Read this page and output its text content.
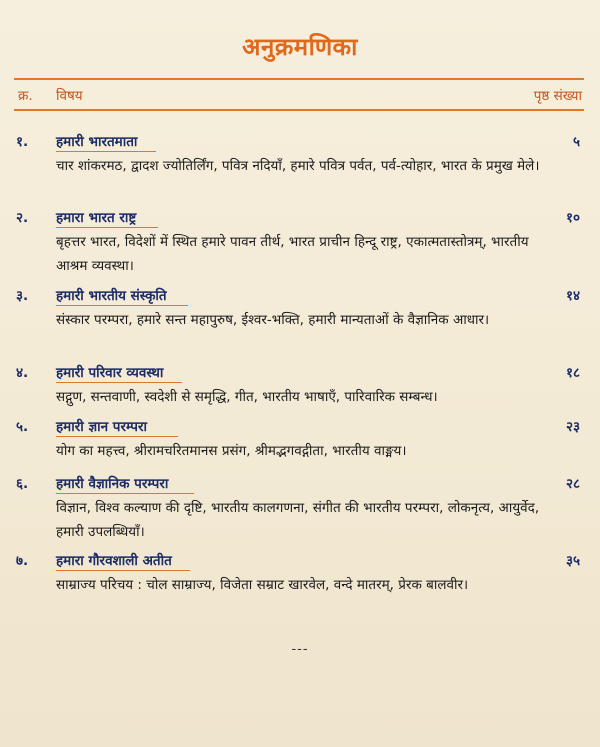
अनुक्रमणिका
क्र. विषय	पृष्ठ संख्या
१. हमारी भारतमाता	५
चार शांकरमठ, द्वादश ज्योतिर्लिंग, पवित्र नदियाँ, हमारे पवित्र पर्वत, पर्व-त्योहार, भारत के प्रमुख मेले।
२. हमारा भारत राष्ट्र	१०
बृहत्तर भारत, विदेशों में स्थित हमारे पावन तीर्थ, भारत प्राचीन हिन्दू राष्ट्र, एकात्मतास्तोत्रम्, भारतीय आश्रम व्यवस्था।
३. हमारी भारतीय संस्कृति	१४
संस्कार परम्परा, हमारे सन्त महापुरुष, ईश्वर-भक्ति, हमारी मान्यताओं के वैज्ञानिक आधार।
४. हमारी परिवार व्यवस्था	१८
सद्गुण, सन्तवाणी, स्वदेशी से समृद्धि, गीत, भारतीय भाषाएँ, पारिवारिक सम्बन्ध।
५. हमारी ज्ञान परम्परा	२३
योग का महत्त्व, श्रीरामचरितमानस प्रसंग, श्रीमद्भगवद्गीता, भारतीय वाङ्मय।
६. हमारी वैज्ञानिक परम्परा	२८
विज्ञान, विश्व कल्याण की दृष्टि, भारतीय कालगणना, संगीत की भारतीय परम्परा, लोकनृत्य, आयुर्वेद, हमारी उपलब्धियाँ।
७. हमारा गौरवशाली अतीत	३५
साम्राज्य परिचय : चोल साम्राज्य, विजेता सम्राट खारवेल, वन्दे मातरम्, प्रेरक बालवीर।
---
